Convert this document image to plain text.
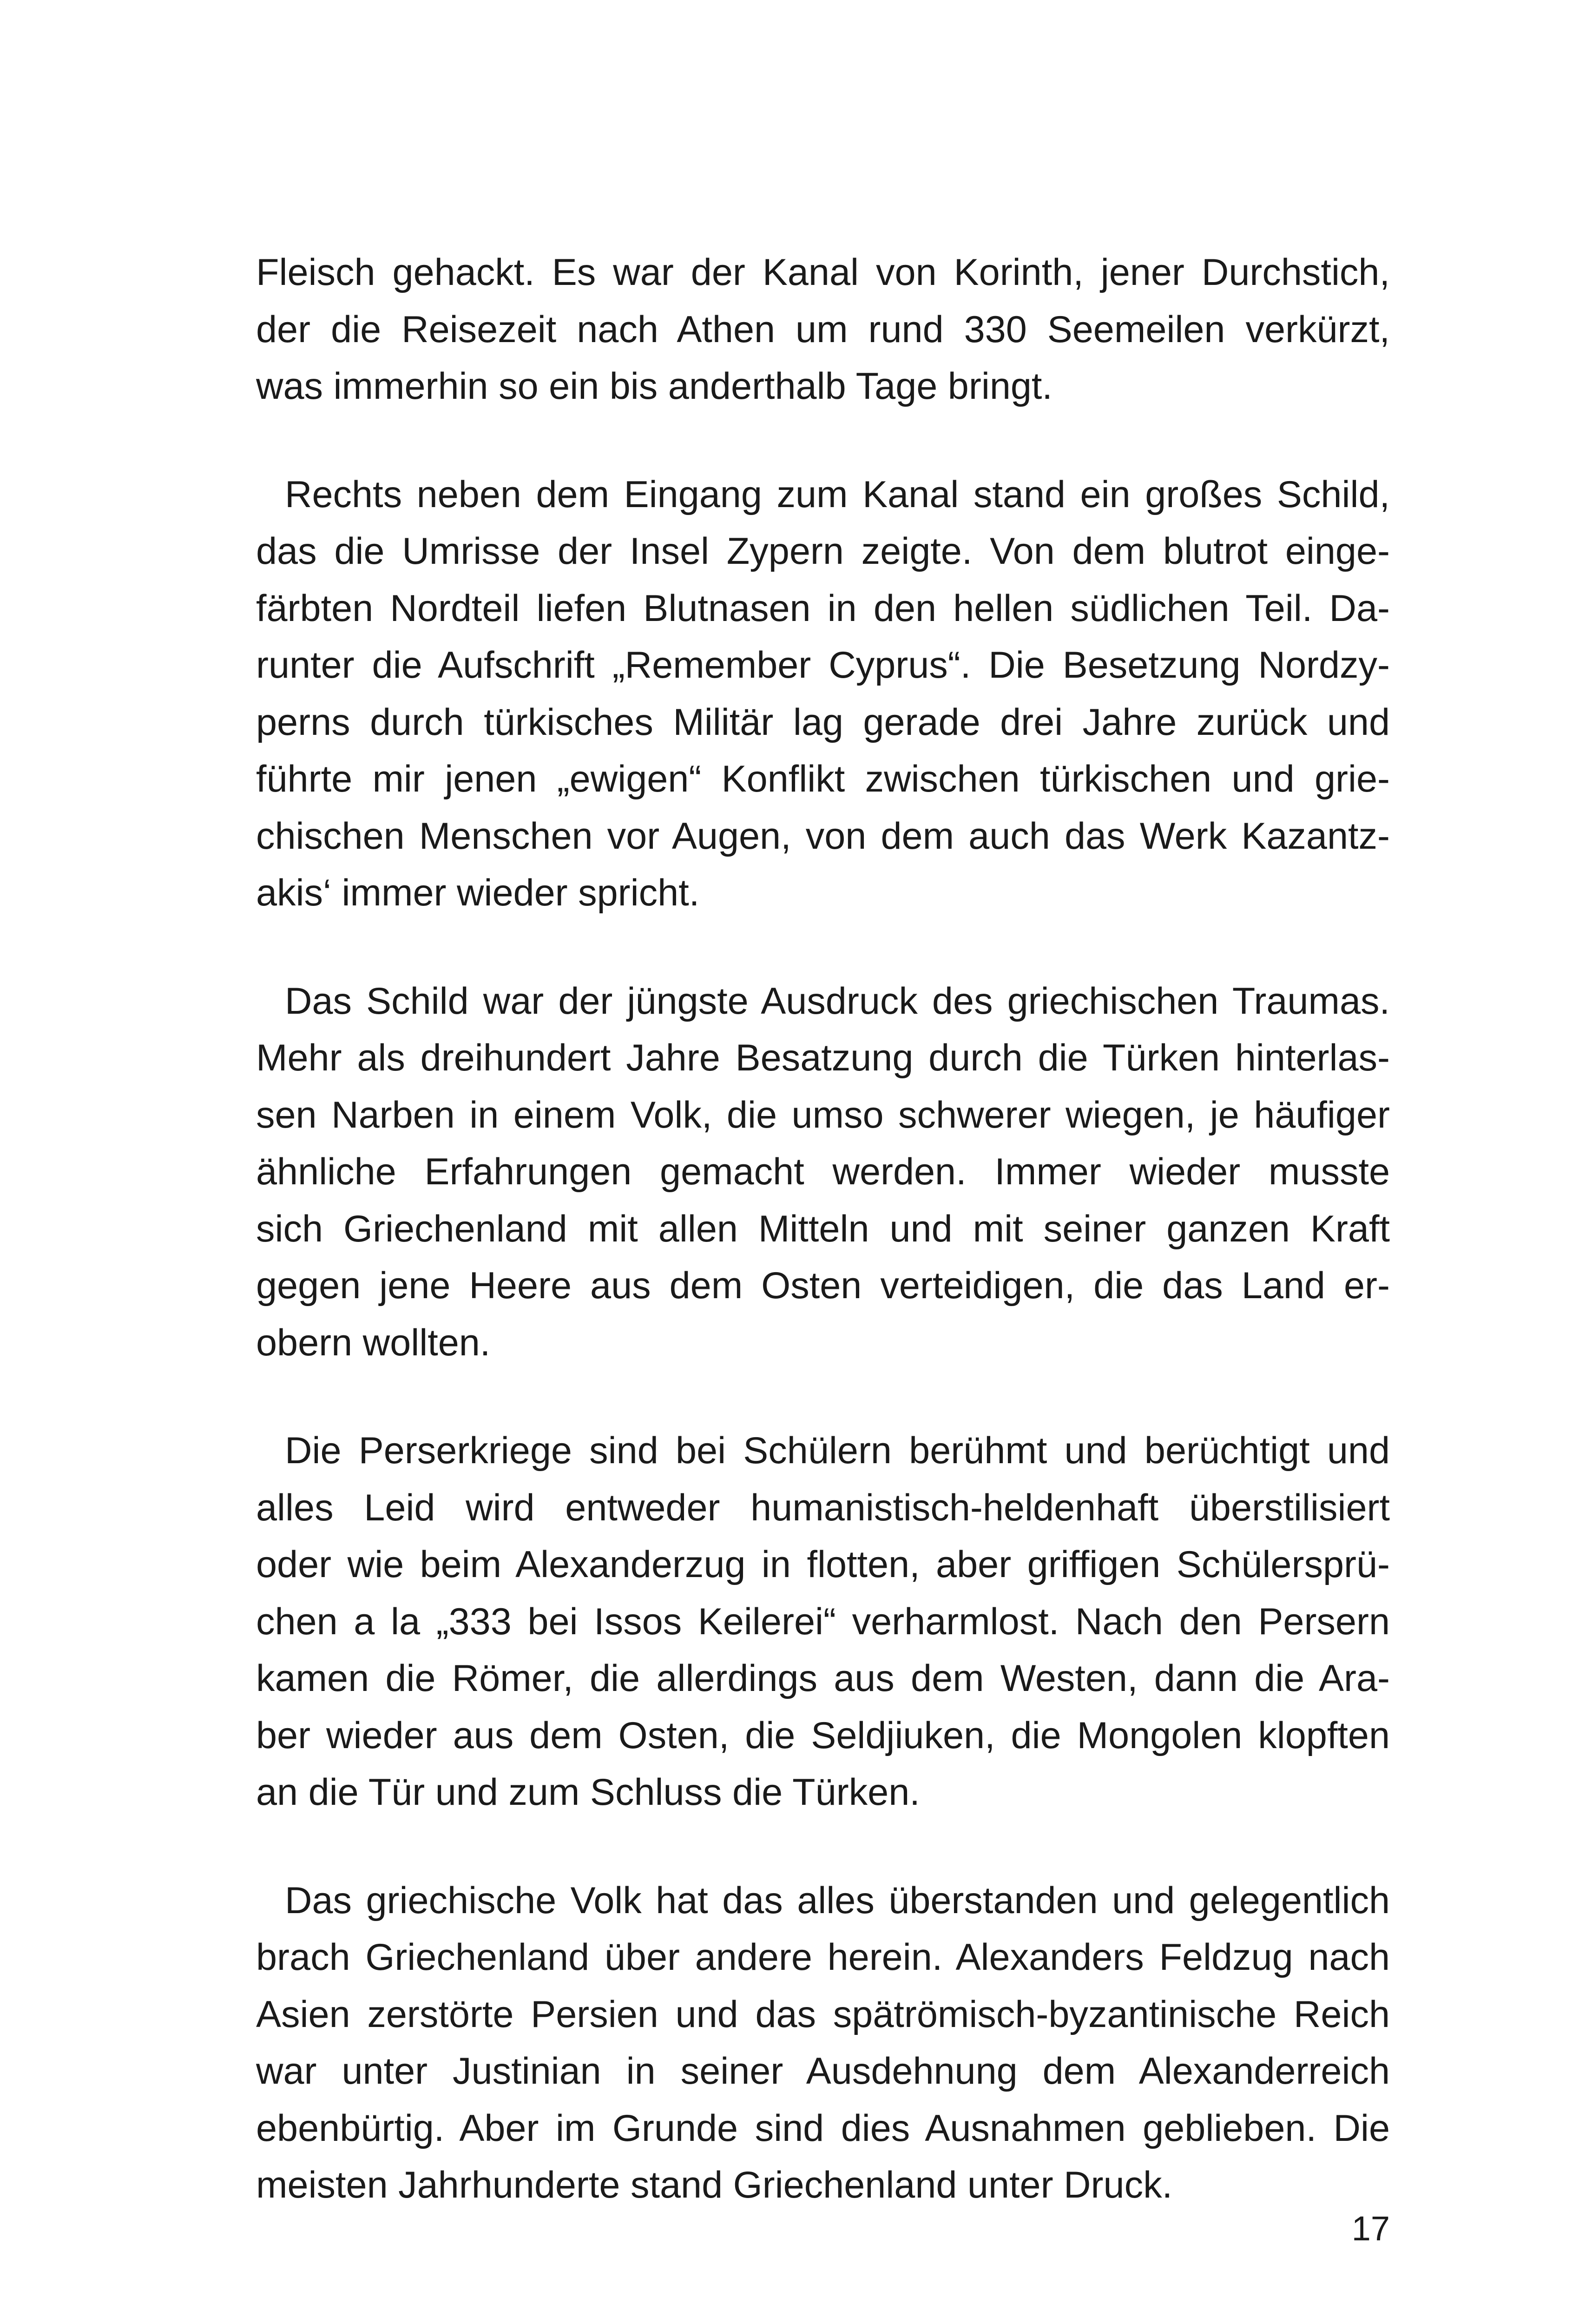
Fleisch gehackt. Es war der Kanal von Korinth, jener Durchstich,
der die Reisezeit nach Athen um rund 330 Seemeilen verkürzt,
was immerhin so ein bis anderthalb Tage bringt.

Rechts neben dem Eingang zum Kanal stand ein großes Schild,
das die Umrisse der Insel Zypern zeigte. Von dem blutrot einge-
färbten Nordteil liefen Blutnasen in den hellen südlichen Teil. Da-
runter die Aufschrift „Remember Cyprus“. Die Besetzung Nordzy-
perns durch türkisches Militär lag gerade drei Jahre zurück und
führte mir jenen „ewigen“ Konflikt zwischen türkischen und grie-
chischen Menschen vor Augen, von dem auch das Werk Kazantz-
akis‘ immer wieder spricht.

Das Schild war der jüngste Ausdruck des griechischen Traumas.
Mehr als dreihundert Jahre Besatzung durch die Türken hinterlas-
sen Narben in einem Volk, die umso schwerer wiegen, je häufiger
ähnliche Erfahrungen gemacht werden. Immer wieder musste
sich Griechenland mit allen Mitteln und mit seiner ganzen Kraft
gegen jene Heere aus dem Osten verteidigen, die das Land er-
obern wollten.

Die Perserkriege sind bei Schülern berühmt und berüchtigt und
alles Leid wird entweder humanistisch-heldenhaft überstilisiert
oder wie beim Alexanderzug in flotten, aber griffigen Schülersprü-
chen a la „333 bei Issos Keilerei“ verharmlost. Nach den Persern
kamen die Römer, die allerdings aus dem Westen, dann die Ara-
ber wieder aus dem Osten, die Seldjiuken, die Mongolen klopften
an die Tür und zum Schluss die Türken.

Das griechische Volk hat das alles überstanden und gelegentlich
brach Griechenland über andere herein. Alexanders Feldzug nach
Asien zerstörte Persien und das spätrömisch-byzantinische Reich
war unter Justinian in seiner Ausdehnung dem Alexanderreich
ebenbürtig. Aber im Grunde sind dies Ausnahmen geblieben. Die
meisten Jahrhunderte stand Griechenland unter Druck.

17
